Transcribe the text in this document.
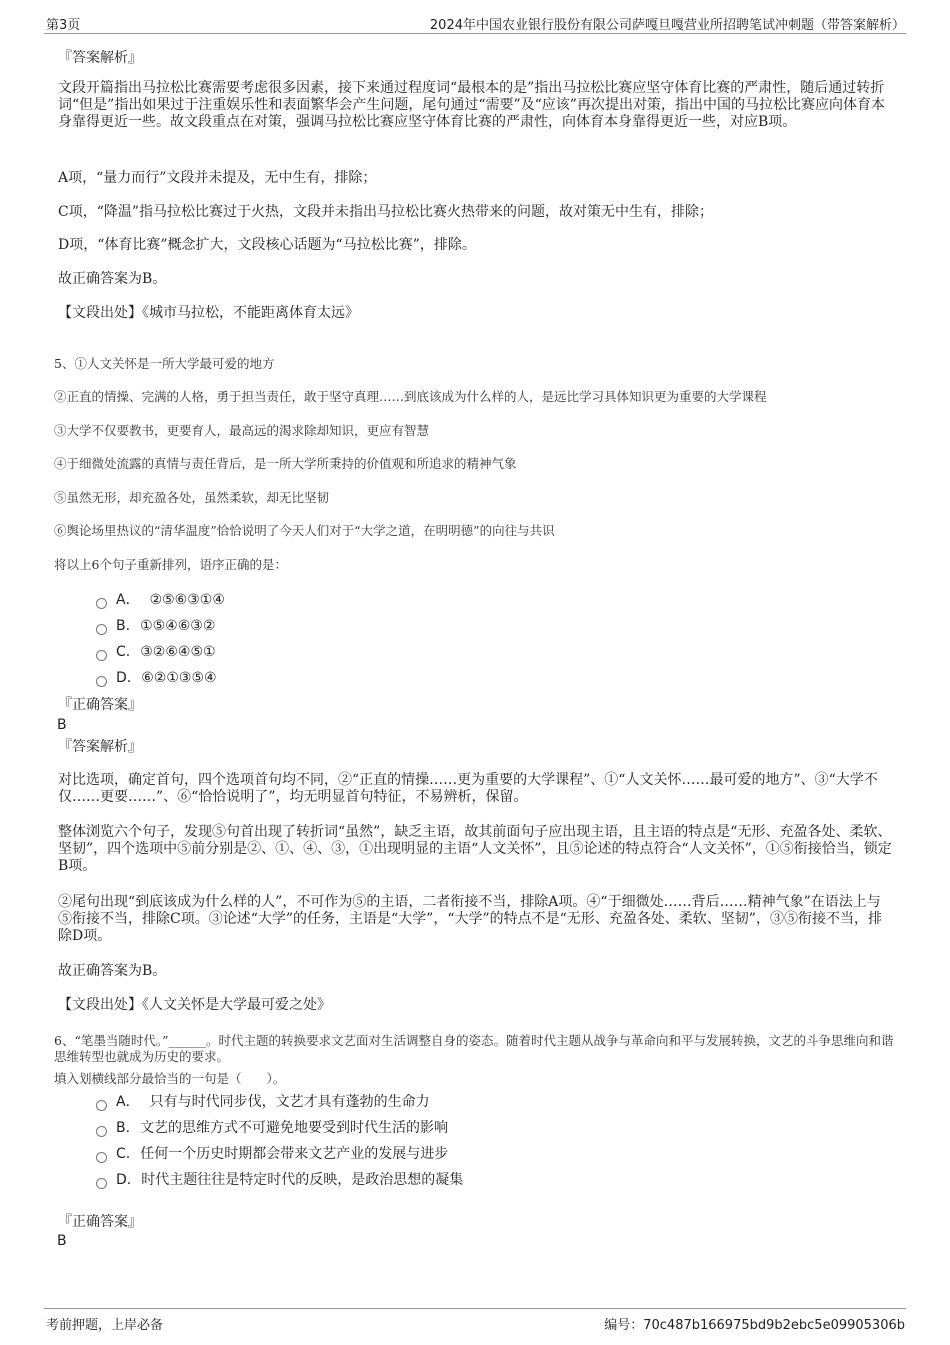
第3页	2024年中国农业银行股份有限公司萨嘎旦嘎营业所招聘笔试冲刺题（带答案解析）
『答案解析』
文段开篇指出马拉松比赛需要考虑很多因素，接下来通过程度词“最根本的是”指出马拉松比赛应坚守体育比赛的严肃性，随后通过转折词“但是”指出如果过于注重娱乐性和表面繁华会产生问题，尾句通过“需要”及“应该”再次提出对策，指出中国的马拉松比赛应向体育本身靠得更近一些。故文段重点在对策，强调马拉松比赛应坚守体育比赛的严肃性，向体育本身靠得更近一些，对应B项。
A项，“量力而行”文段并未提及，无中生有，排除；
C项，“降温”指马拉松比赛过于火热，文段并未指出马拉松比赛火热带来的问题，故对策无中生有，排除；
D项，“体育比赛”概念扩大，文段核心话题为“马拉松比赛”，排除。
故正确答案为B。
【文段出处】《城市马拉松，不能距离体育太远》
5、①人文关怀是一所大学最可爱的地方
②正直的情操、完满的人格，勇于担当责任，敢于坚守真理……到底该成为什么样的人，是远比学习具体知识更为重要的大学课程
③大学不仅要教书，更要育人，最高远的渴求除却知识，更应有智慧
④于细微处流露的真情与责任背后，是一所大学所秉持的价值观和所追求的精神气象
⑤虽然无形，却充盈各处，虽然柔软，却无比坚韧
⑥舆论场里热议的“清华温度”恰恰说明了今天人们对于“大学之道，在明明德”的向往与共识
将以上6个句子重新排列，语序正确的是：
A． ②⑤⑥③①④
B. ①⑤④⑥③②
C. ③②⑥④⑤①
D. ⑥②①③⑤④
『正确答案』
B
『答案解析』
对比选项，确定首句，四个选项首句均不同，②“正直的情操……更为重要的大学课程”、①“人文关怀……最可爱的地方”、③“大学不仅……更要……”、⑥“恰恰说明了”，均无明显首句特征，不易辨析，保留。
整体浏览六个句子，发现⑤句首出现了转折词“虽然”，缺乏主语，故其前面句子应出现主语，且主语的特点是“无形、充盈各处、柔软、坚韧”，四个选项中⑤前分别是②、①、④、③，①出现明显的主语“人文关怀”，且⑤论述的特点符合“人文关怀”，①⑤衔接恰当，锁定B项。
②尾句出现“到底该成为什么样的人”，不可作为⑤的主语，二者衔接不当，排除A项。④“于细微处……背后……精神气象”在语法上与⑤衔接不当，排除C项。③论述“大学”的任务，主语是“大学”，“大学”的特点不是“无形、充盈各处、柔软、坚韧”，③⑤衔接不当，排除D项。
故正确答案为B。
【文段出处】《人文关怀是大学最可爱之处》
6、“笔墨当随时代。”______。时代主题的转换要求文艺面对生活调整自身的姿态。随着时代主题从战争与革命向和平与发展转换，文艺的斗争思维向和谐思维转型也就成为历史的要求。
填入划横线部分最恰当的一句是（　　）。
A． 只有与时代同步伐，文艺才具有蓬勃的生命力
B. 文艺的思维方式不可避免地要受到时代生活的影响
C. 任何一个历史时期都会带来文艺产业的发展与进步
D. 时代主题往往是特定时代的反映，是政治思想的凝集
『正确答案』
B
考前押题，上岸必备	编号：70c487b166975bd9b2ebc5e09905306b
